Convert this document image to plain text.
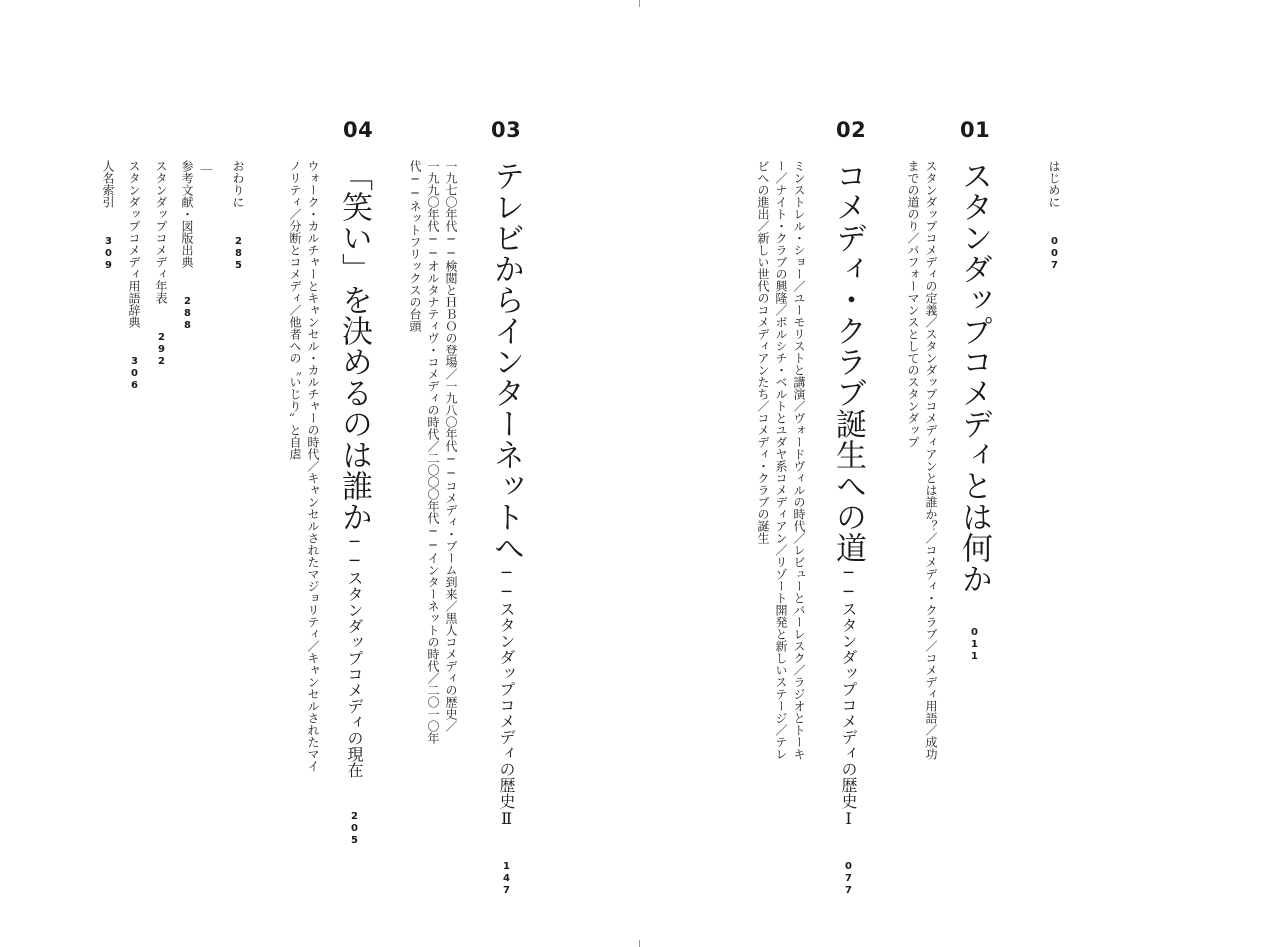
はじめに 007
01
スタンダップコメディとは何か 011
スタンダップコメディの定義／スタンダップコメディアンとは誰か？／コメディ・クラブ／コメディ用語／成功
までの道のり／パフォーマンスとしてのスタンダップ
02
コメディ・クラブ誕生への道──スタンダップコメディの歴史Ⅰ 077
ミンストレル・ショー／ユーモリストと講演／ヴォードヴィルの時代／レビューとバーレスク／ラジオとトーキ
ー／ナイト・クラブの興隆／ボルシチ・ベルトとユダヤ系コメディアン／リゾート開発と新しいステージ／テレ
ビへの進出／新しい世代のコメディアンたち／コメディ・クラブの誕生
03
テレビからインターネットへ──スタンダップコメディの歴史Ⅱ 147
一九七〇年代──検閲とＨＢＯの登場／一九八〇年代──コメディ・ブーム到来／黒人コメディの歴史／
一九九〇年代──オルタナティヴ・コメディの時代／二〇〇〇年代──インターネットの時代／二〇一〇年
代──ネットフリックスの台頭
04
「笑い」を決めるのは誰か──スタンダップコメディの現在 205
ウォーク・カルチャーとキャンセル・カルチャーの時代／キャンセルされたマジョリティ／キャンセルされたマイ
ノリティ／分断とコメディ／他者への〝いじり〟と自虐
おわりに 285
｜
参考文献・図版出典 288
スタンダップコメディ年表 292
スタンダップコメディ用語辞典 306
人名索引 309
